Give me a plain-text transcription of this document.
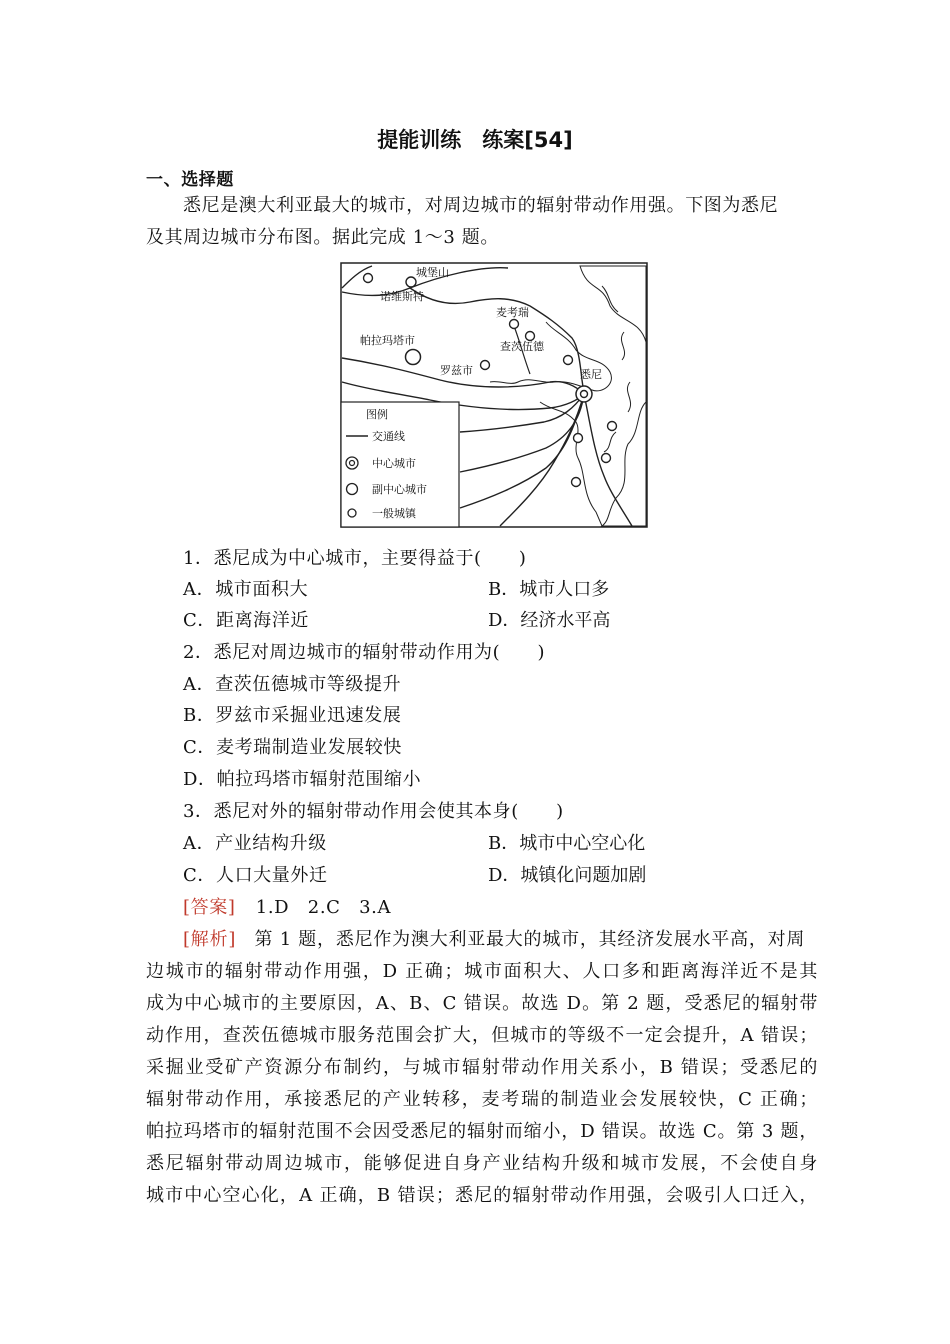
提能训练　练案[54]
一、选择题
悉尼是澳大利亚最大的城市，对周边城市的辐射带动作用强。下图为悉尼
及其周边城市分布图。据此完成 1～3 题。
城堡山
诺维斯特
麦考瑞
查茨伍德
帕拉玛塔市
罗兹市	悉尼
图例
交通线
中心城市
副中心城市
一般城镇
1．悉尼成为中心城市，主要得益于(　　)
A．城市面积大	B．城市人口多
C．距离海洋近	D．经济水平高
2．悉尼对周边城市的辐射带动作用为(　　)
A．查茨伍德城市等级提升
B．罗兹市采掘业迅速发展
C．麦考瑞制造业发展较快
D．帕拉玛塔市辐射范围缩小
3．悉尼对外的辐射带动作用会使其本身(　　)
A．产业结构升级	B．城市中心空心化
C．人口大量外迁	D．城镇化问题加剧
[答案] 1.D　2.C　3.A
[解析] 第 1 题，悉尼作为澳大利亚最大的城市，其经济发展水平高，对周
边城市的辐射带动作用强，D 正确；城市面积大、人口多和距离海洋近不是其
成为中心城市的主要原因，A、B、C 错误。故选 D。第 2 题，受悉尼的辐射带
动作用，查茨伍德城市服务范围会扩大，但城市的等级不一定会提升，A 错误；
采掘业受矿产资源分布制约，与城市辐射带动作用关系小，B 错误；受悉尼的
辐射带动作用，承接悉尼的产业转移，麦考瑞的制造业会发展较快，C 正确；
帕拉玛塔市的辐射范围不会因受悉尼的辐射而缩小，D 错误。故选 C。第 3 题，
悉尼辐射带动周边城市，能够促进自身产业结构升级和城市发展，不会使自身
城市中心空心化，A 正确，B 错误；悉尼的辐射带动作用强，会吸引人口迁入，
